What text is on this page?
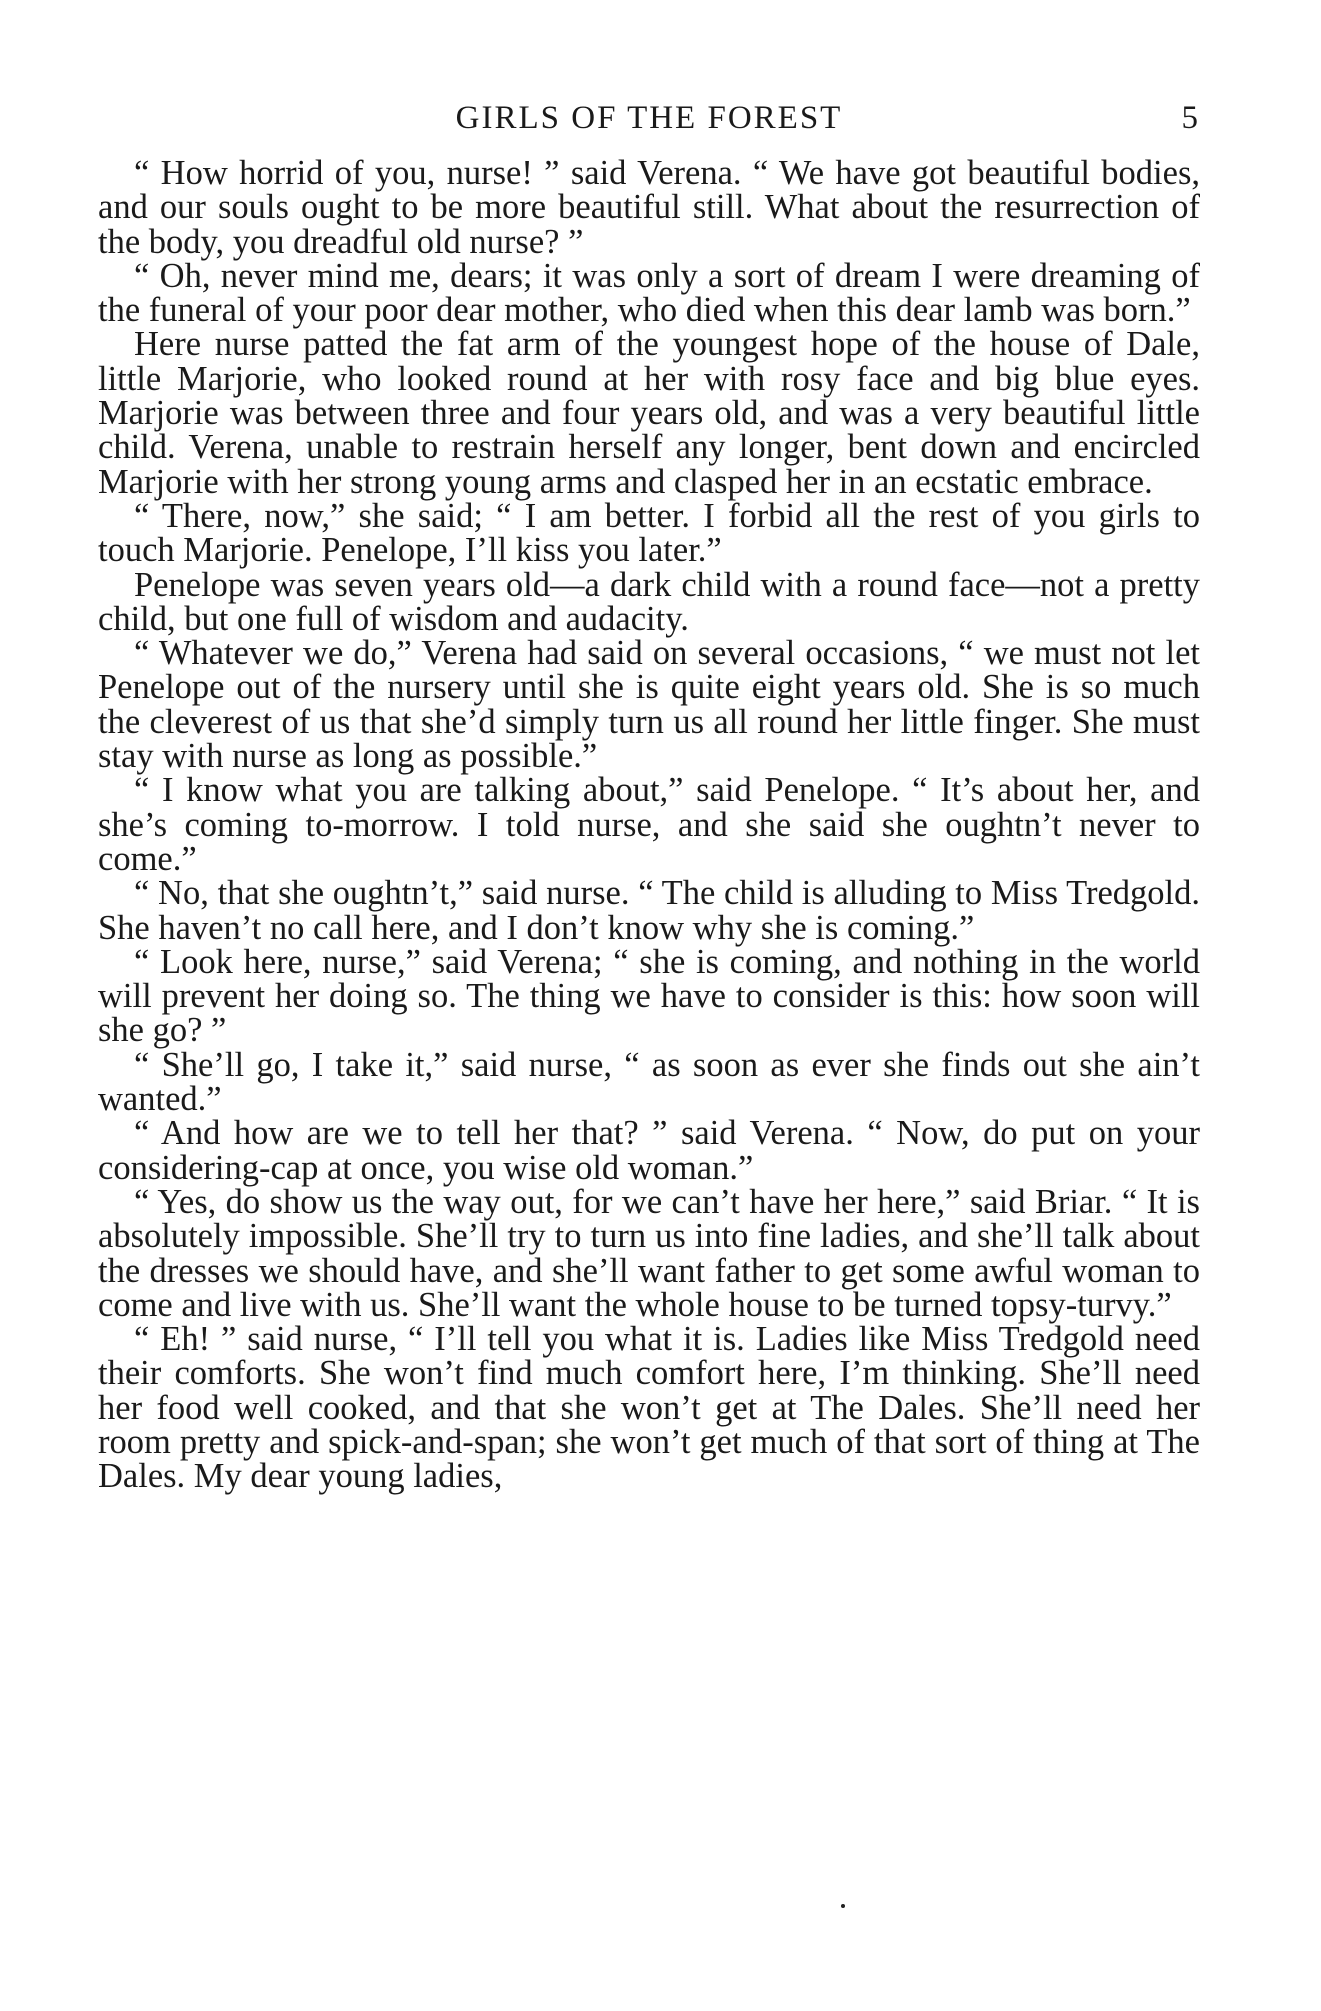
GIRLS OF THE FOREST	5

“ How horrid of you, nurse! ” said Verena. “ We have got beautiful bodies, and our souls ought to be more beautiful still. What about the resurrection of the body, you dreadful old nurse? ”

“ Oh, never mind me, dears; it was only a sort of dream I were dreaming of the funeral of your poor dear mother, who died when this dear lamb was born.”

Here nurse patted the fat arm of the youngest hope of the house of Dale, little Marjorie, who looked round at her with rosy face and big blue eyes. Marjorie was between three and four years old, and was a very beautiful little child. Verena, unable to restrain herself any longer, bent down and encircled Marjorie with her strong young arms and clasped her in an ecstatic embrace.

“ There, now,” she said; “ I am better. I forbid all the rest of you girls to touch Marjorie. Penelope, I’ll kiss you later.”

Penelope was seven years old—a dark child with a round face—not a pretty child, but one full of wisdom and audacity.

“ Whatever we do,” Verena had said on several occasions, “ we must not let Penelope out of the nursery until she is quite eight years old. She is so much the cleverest of us that she’d simply turn us all round her little finger. She must stay with nurse as long as possible.”

“ I know what you are talking about,” said Penelope. “ It’s about her, and she’s coming to-morrow. I told nurse, and she said she oughtn’t never to come.”

“ No, that she oughtn’t,” said nurse. “ The child is alluding to Miss Tredgold. She haven’t no call here, and I don’t know why she is coming.”

“ Look here, nurse,” said Verena; “ she is coming, and nothing in the world will prevent her doing so. The thing we have to consider is this: how soon will she go? ”

“ She’ll go, I take it,” said nurse, “ as soon as ever she finds out she ain’t wanted.”

“ And how are we to tell her that? ” said Verena. “ Now, do put on your considering-cap at once, you wise old woman.”

“ Yes, do show us the way out, for we can’t have her here,” said Briar. “ It is absolutely impossible. She’ll try to turn us into fine ladies, and she’ll talk about the dresses we should have, and she’ll want father to get some awful woman to come and live with us. She’ll want the whole house to be turned topsy-turvy.”

“ Eh! ” said nurse, “ I’ll tell you what it is. Ladies like Miss Tredgold need their comforts. She won’t find much comfort here, I’m thinking. She’ll need her food well cooked, and that she won’t get at The Dales. She’ll need her room pretty and spick-and-span; she won’t get much of that sort of thing at The Dales. My dear young ladies,
